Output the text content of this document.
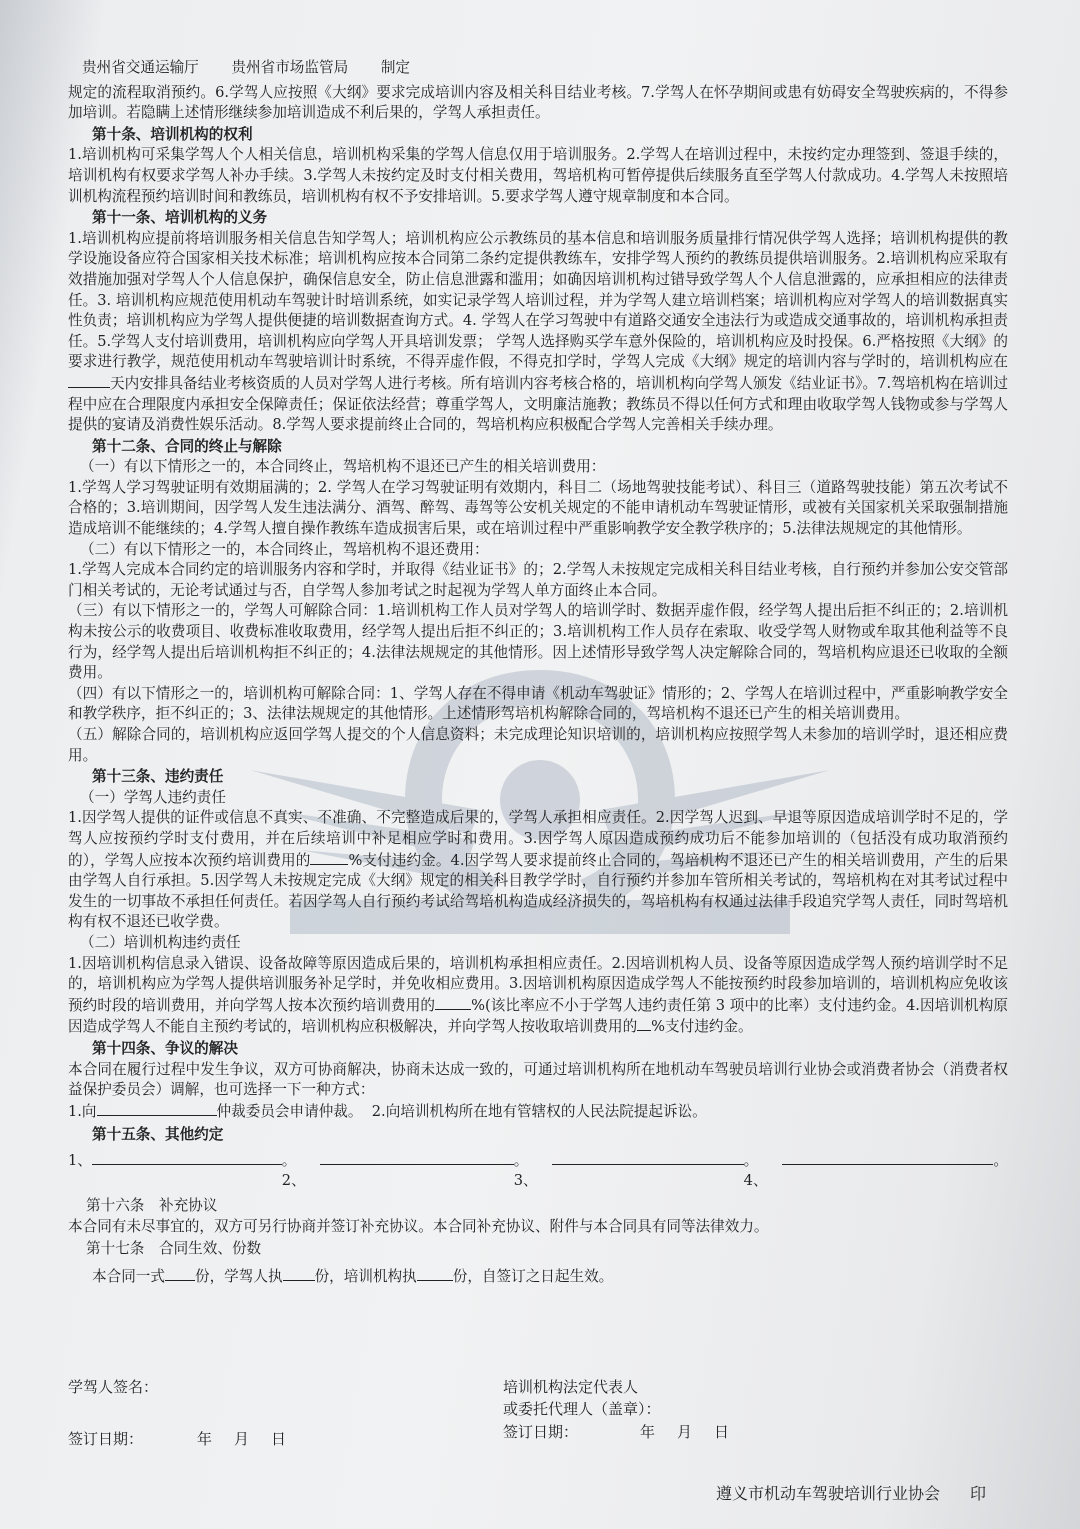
贵州省交通运输厅 贵州省市场监管局 制定

规定的流程取消预约。6.学驾人应按照《大纲》要求完成培训内容及相关科目结业考核。7.学驾人在怀孕期间或患有妨碍安全驾驶疾病的，不得参加培训。若隐瞒上述情形继续参加培训造成不利后果的，学驾人承担责任。

第十条、培训机构的权利

1.培训机构可采集学驾人个人相关信息，培训机构采集的学驾人信息仅用于培训服务。2.学驾人在培训过程中，未按约定办理签到、签退手续的，培训机构有权要求学驾人补办手续。3.学驾人未按约定及时支付相关费用，驾培机构可暂停提供后续服务直至学驾人付款成功。4.学驾人未按照培训机构流程预约培训时间和教练员，培训机构有权不予安排培训。5.要求学驾人遵守规章制度和本合同。

第十一条、培训机构的义务

1.培训机构应提前将培训服务相关信息告知学驾人；培训机构应公示教练员的基本信息和培训服务质量排行情况供学驾人选择；培训机构提供的教学设施设备应符合国家相关技术标准；培训机构应按本合同第二条约定提供教练车，安排学驾人预约的教练员提供培训服务。2.培训机构应采取有效措施加强对学驾人个人信息保护，确保信息安全，防止信息泄露和滥用；如确因培训机构过错导致学驾人个人信息泄露的，应承担相应的法律责任。3. 培训机构应规范使用机动车驾驶计时培训系统，如实记录学驾人培训过程，并为学驾人建立培训档案；培训机构应对学驾人的培训数据真实性负责；培训机构应为学驾人提供便捷的培训数据查询方式。4. 学驾人在学习驾驶中有道路交通安全违法行为或造成交通事故的，培训机构承担责任。5.学驾人支付培训费用，培训机构应向学驾人开具培训发票； 学驾人选择购买学车意外保险的，培训机构应及时投保。6.严格按照《大纲》的要求进行教学，规范使用机动车驾驶培训计时系统，不得弄虚作假，不得克扣学时，学驾人完成《大纲》规定的培训内容与学时的，培训机构应在天内安排具备结业考核资质的人员对学驾人进行考核。所有培训内容考核合格的，培训机构向学驾人颁发《结业证书》。7.驾培机构在培训过程中应在合理限度内承担安全保障责任；保证依法经营；尊重学驾人，文明廉洁施教；教练员不得以任何方式和理由收取学驾人钱物或参与学驾人提供的宴请及消费性娱乐活动。8.学驾人要求提前终止合同的，驾培机构应积极配合学驾人完善相关手续办理。

第十二条、合同的终止与解除

（一）有以下情形之一的，本合同终止，驾培机构不退还已产生的相关培训费用：

1.学驾人学习驾驶证明有效期届满的；2. 学驾人在学习驾驶证明有效期内，科目二（场地驾驶技能考试）、科目三（道路驾驶技能）第五次考试不合格的；3.培训期间，因学驾人发生违法满分、酒驾、醉驾、毒驾等公安机关规定的不能申请机动车驾驶证情形，或被有关国家机关采取强制措施造成培训不能继续的；4.学驾人擅自操作教练车造成损害后果，或在培训过程中严重影响教学安全教学秩序的；5.法律法规规定的其他情形。

（二）有以下情形之一的，本合同终止，驾培机构不退还费用：

1.学驾人完成本合同约定的培训服务内容和学时，并取得《结业证书》的；2.学驾人未按规定完成相关科目结业考核，自行预约并参加公安交管部门相关考试的，无论考试通过与否，自学驾人参加考试之时起视为学驾人单方面终止本合同。

（三）有以下情形之一的，学驾人可解除合同：1.培训机构工作人员对学驾人的培训学时、数据弄虚作假，经学驾人提出后拒不纠正的；2.培训机构未按公示的收费项目、收费标准收取费用，经学驾人提出后拒不纠正的；3.培训机构工作人员存在索取、收受学驾人财物或牟取其他利益等不良行为，经学驾人提出后培训机构拒不纠正的；4.法律法规规定的其他情形。因上述情形导致学驾人决定解除合同的，驾培机构应退还已收取的全额费用。

（四）有以下情形之一的，培训机构可解除合同：1、学驾人存在不得申请《机动车驾驶证》情形的；2、学驾人在培训过程中，严重影响教学安全和教学秩序，拒不纠正的；3、法律法规规定的其他情形。上述情形驾培机构解除合同的，驾培机构不退还已产生的相关培训费用。

（五）解除合同的，培训机构应返回学驾人提交的个人信息资料；未完成理论知识培训的，培训机构应按照学驾人未参加的培训学时，退还相应费用。

第十三条、违约责任

（一）学驾人违约责任

1.因学驾人提供的证件或信息不真实、不准确、不完整造成后果的，学驾人承担相应责任。2.因学驾人迟到、早退等原因造成培训学时不足的，学驾人应按预约学时支付费用，并在后续培训中补足相应学时和费用。3.因学驾人原因造成预约成功后不能参加培训的（包括没有成功取消预约的），学驾人应按本次预约培训费用的	%支付违约金。4.因学驾人要求提前终止合同的，驾培机构不退还已产生的相关培训费用，产生的后果由学驾人自行承担。5.因学驾人未按规定完成《大纲》规定的相关科目教学学时，自行预约并参加车管所相关考试的，驾培机构在对其考试过程中发生的一切事故不承担任何责任。若因学驾人自行预约考试给驾培机构造成经济损失的，驾培机构有权通过法律手段追究学驾人责任，同时驾培机构有权不退还已收学费。

（二）培训机构违约责任

1.因培训机构信息录入错误、设备故障等原因造成后果的，培训机构承担相应责任。2.因培训机构人员、设备等原因造成学驾人预约培训学时不足的，培训机构应为学驾人提供培训服务补足学时，并免收相应费用。3.因培训机构原因造成学驾人不能按预约时段参加培训的，培训机构应免收该预约时段的培训费用，并向学驾人按本次预约培训费用的 %(该比率应不小于学驾人违约责任第 3 项中的比率）支付违约金。4.因培训机构原因造成学驾人不能自主预约考试的，培训机构应积极解决，并向学驾人按收取培训费用的 %支付违约金。

第十四条、争议的解决

本合同在履行过程中发生争议，双方可协商解决，协商未达成一致的，可通过培训机构所在地机动车驾驶员培训行业协会或消费者协会（消费者权益保护委员会）调解，也可选择一下一种方式：

1.向	仲裁委员会申请仲裁。 2.向培训机构所在地有管辖权的人民法院提起诉讼。

第十五条、其他约定

1、	。2、
。3、
。4、
。

第十六条　补充协议

本合同有未尽事宜的，双方可另行协商并签订补充协议。本合同补充协议、附件与本合同具有同等法律效力。

第十七条　合同生效、份数

本合同一式 份，学驾人执 份，培训机构执 份，自签订之日起生效。

学驾人签名：
签订日期：	年 月 日
培训机构法定代表人
或委托代理人（盖章）：
签订日期：	年 月 日
遵义市机动车驾驶培训行业协会 印
